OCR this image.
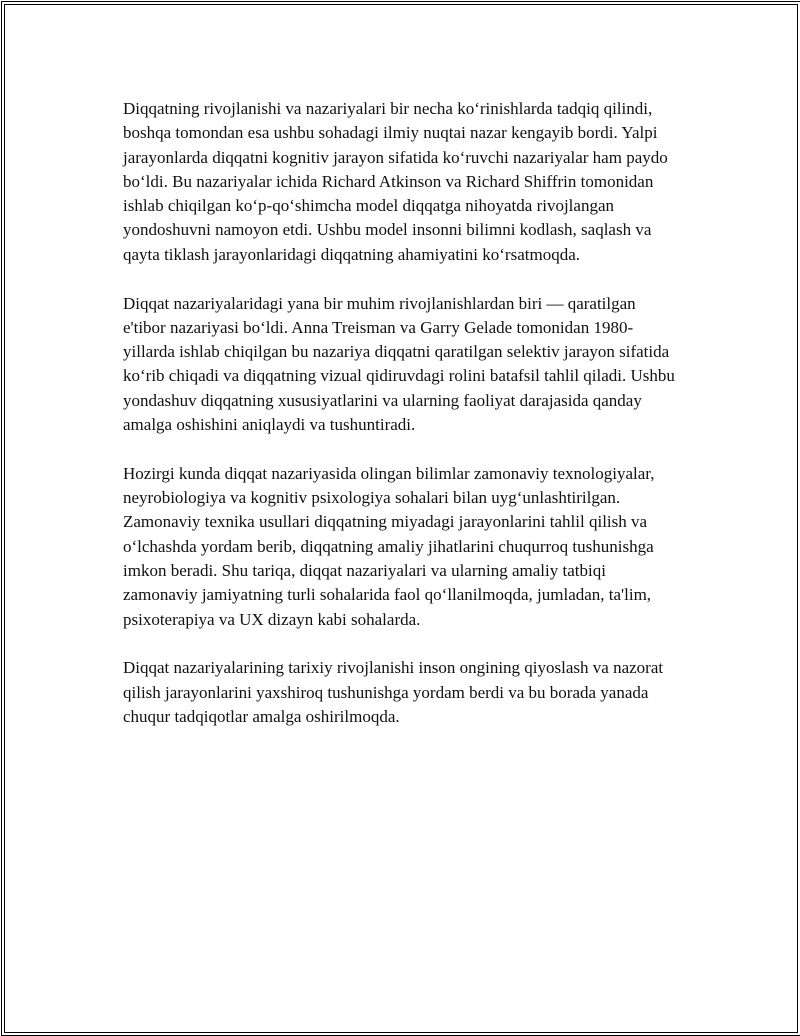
Diqqatning rivojlanishi va nazariyalari bir necha koʻrinishlarda tadqiq qilindi, boshqa tomondan esa ushbu sohadagi ilmiy nuqtai nazar kengayib bordi. Yalpi jarayonlarda diqqatni kognitiv jarayon sifatida koʻruvchi nazariyalar ham paydo boʻldi. Bu nazariyalar ichida Richard Atkinson va Richard Shiffrin tomonidan ishlab chiqilgan koʻp-qoʻshimcha model diqqatga nihoyatda rivojlangan yondoshuvni namoyon etdi. Ushbu model insonni bilimni kodlash, saqlash va qayta tiklash jarayonlaridagi diqqatning ahamiyatini koʻrsatmoqda.

Diqqat nazariyalaridagi yana bir muhim rivojlanishlardan biri — qaratilgan e'tibor nazariyasi boʻldi. Anna Treisman va Garry Gelade tomonidan 1980-yillarda ishlab chiqilgan bu nazariya diqqatni qaratilgan selektiv jarayon sifatida koʻrib chiqadi va diqqatning vizual qidiruvdagi rolini batafsil tahlil qiladi. Ushbu yondashuv diqqatning xususiyatlarini va ularning faoliyat darajasida qanday amalga oshishini aniqlaydi va tushuntiradi.

Hozirgi kunda diqqat nazariyasida olingan bilimlar zamonaviy texnologiyalar, neyrobiologiya va kognitiv psixologiya sohalari bilan uygʻunlashtirilgan. Zamonaviy texnika usullari diqqatning miyadagi jarayonlarini tahlil qilish va oʻlchashda yordam berib, diqqatning amaliy jihatlarini chuqurroq tushunishga imkon beradi. Shu tariqa, diqqat nazariyalari va ularning amaliy tatbiqi zamonaviy jamiyatning turli sohalarida faol qoʻllanilmoqda, jumladan, ta'lim, psixoterapiya va UX dizayn kabi sohalarda.

Diqqat nazariyalarining tarixiy rivojlanishi inson ongining qiyoslash va nazorat qilish jarayonlarini yaxshiroq tushunishga yordam berdi va bu borada yanada chuqur tadqiqotlar amalga oshirilmoqda.
